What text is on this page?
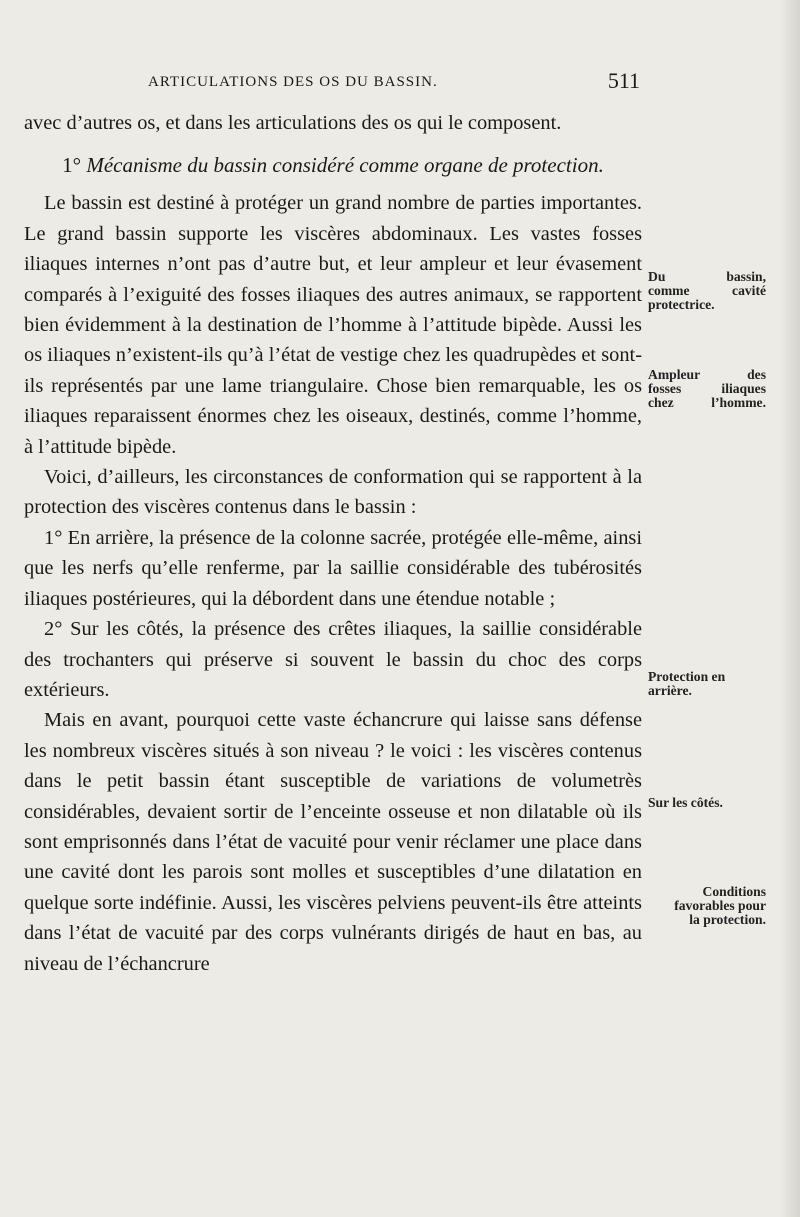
ARTICULATIONS DES OS DU BASSIN.	511

avec d’autres os, et dans les articulations des os qui le composent.

1° Mécanisme du bassin considéré comme organe de protection.

Le bassin est destiné à protéger un grand nombre de parties importantes. Le grand bassin supporte les viscères abdominaux. Les vastes fosses iliaques internes n’ont pas d’autre but, et leur ampleur et leur évasement comparés à l’exiguité des fosses iliaques des autres animaux, se rapportent bien évidemment à la destination de l’homme à l’attitude bipède. Aussi les os iliaques n’existent-ils qu’à l’état de vestige chez les quadrupèdes et sont-ils représentés par une lame triangulaire. Chose bien remarquable, les os iliaques reparaissent énormes chez les oiseaux, destinés, comme l’homme, à l’attitude bipède.

Voici, d’ailleurs, les circonstances de conformation qui se rapportent à la protection des viscères contenus dans le bassin :

1° En arrière, la présence de la colonne sacrée, protégée elle-même, ainsi que les nerfs qu’elle renferme, par la saillie considérable des tubérosités iliaques postérieures, qui la débordent dans une étendue notable ;

2° Sur les côtés, la présence des crêtes iliaques, la saillie considérable des trochanters qui préserve si souvent le bassin du choc des corps extérieurs.

Mais en avant, pourquoi cette vaste échancrure qui laisse sans défense les nombreux viscères situés à son niveau ? le voici : les viscères contenus dans le petit bassin étant susceptible de variations de volumetrès considérables, devaient sortir de l’enceinte osseuse et non dilatable où ils sont emprisonnés dans l’état de vacuité pour venir réclamer une place dans une cavité dont les parois sont molles et susceptibles d’une dilatation en quelque sorte indéfinie. Aussi, les viscères pelviens peuvent-ils être atteints dans l’état de vacuité par des corps vulnérants dirigés de haut en bas, au niveau de l’échancrure

Du bassin,
comme cavité
protectrice.
Ampleur des
fosses iliaques
chez l’homme.
Protection en
arrière.
Sur les côtés.
Conditions
favorables pour
la protection.
